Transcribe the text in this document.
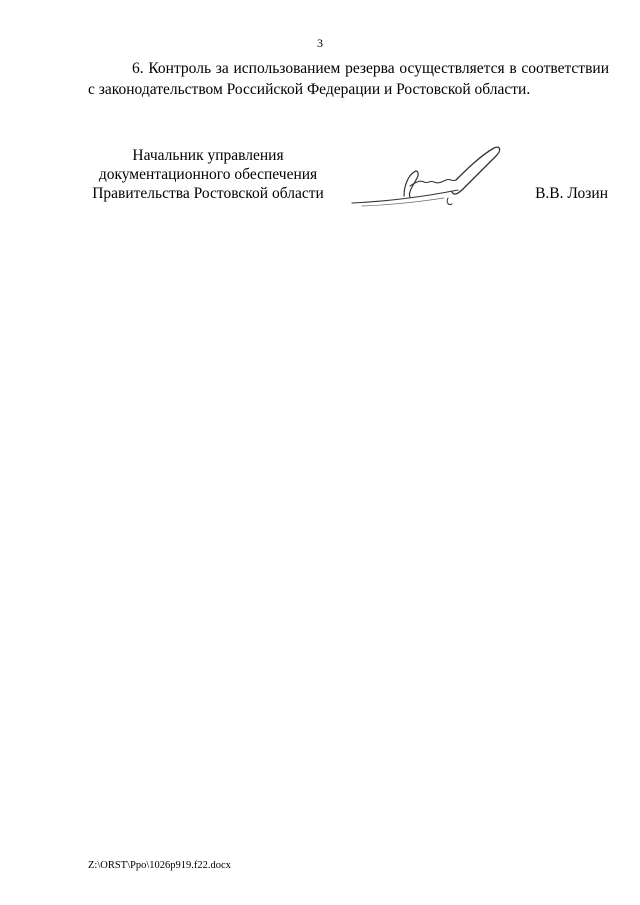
3
6. Контроль за использованием резерва осуществляется в соответствии
с законодательством Российской Федерации и Ростовской области.
Начальник управления
документационного обеспечения
Правительства Ростовской области	В.В. Лозин
Z:\ORST\Ppo\1026p919.f22.docx
